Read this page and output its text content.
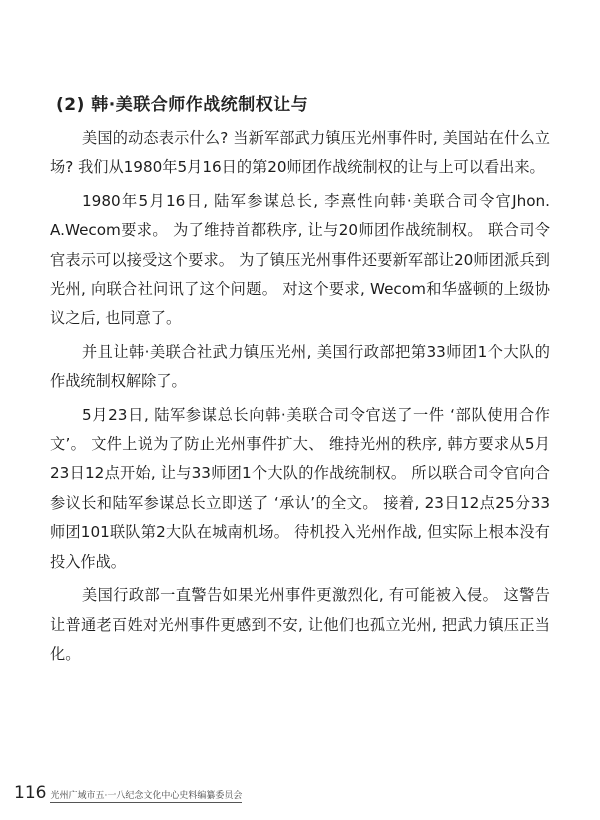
(2) 韩·美联合师作战统制权让与

美国的动态表示什么? 当新军部武力镇压光州事件时, 美国站在什么立场? 我们从1980年5月16日的第20师团作战统制权的让与上可以看出来。

1980年5月16日, 陆军参谋总长, 李熹性向韩·美联合司令官Jhon. A.Wecom要求。 为了维持首都秩序, 让与20师团作战统制权。 联合司令官表示可以接受这个要求。 为了镇压光州事件还要新军部让20师团派兵到光州, 向联合社问讯了这个问题。 对这个要求, Wecom和华盛顿的上级协议之后, 也同意了。

并且让韩·美联合社武力镇压光州, 美国行政部把第33师团1个大队的作战统制权解除了。

5月23日, 陆军参谋总长向韩·美联合司令官送了一件 ‘部队使用合作文’。 文件上说为了防止光州事件扩大、 维持光州的秩序, 韩方要求从5月23日12点开始, 让与33师团1个大队的作战统制权。 所以联合司令官向合参议长和陆军参谋总长立即送了 ‘承认’的全文。 接着, 23日12点25分33师团101联队第2大队在城南机场。 待机投入光州作战, 但实际上根本没有投入作战。

美国行政部一直警告如果光州事件更激烈化, 有可能被入侵。 这警告让普通老百姓对光州事件更感到不安, 让他们也孤立光州, 把武力镇压正当化。

116 光州广域市五·一八纪念文化中心史料编纂委员会
